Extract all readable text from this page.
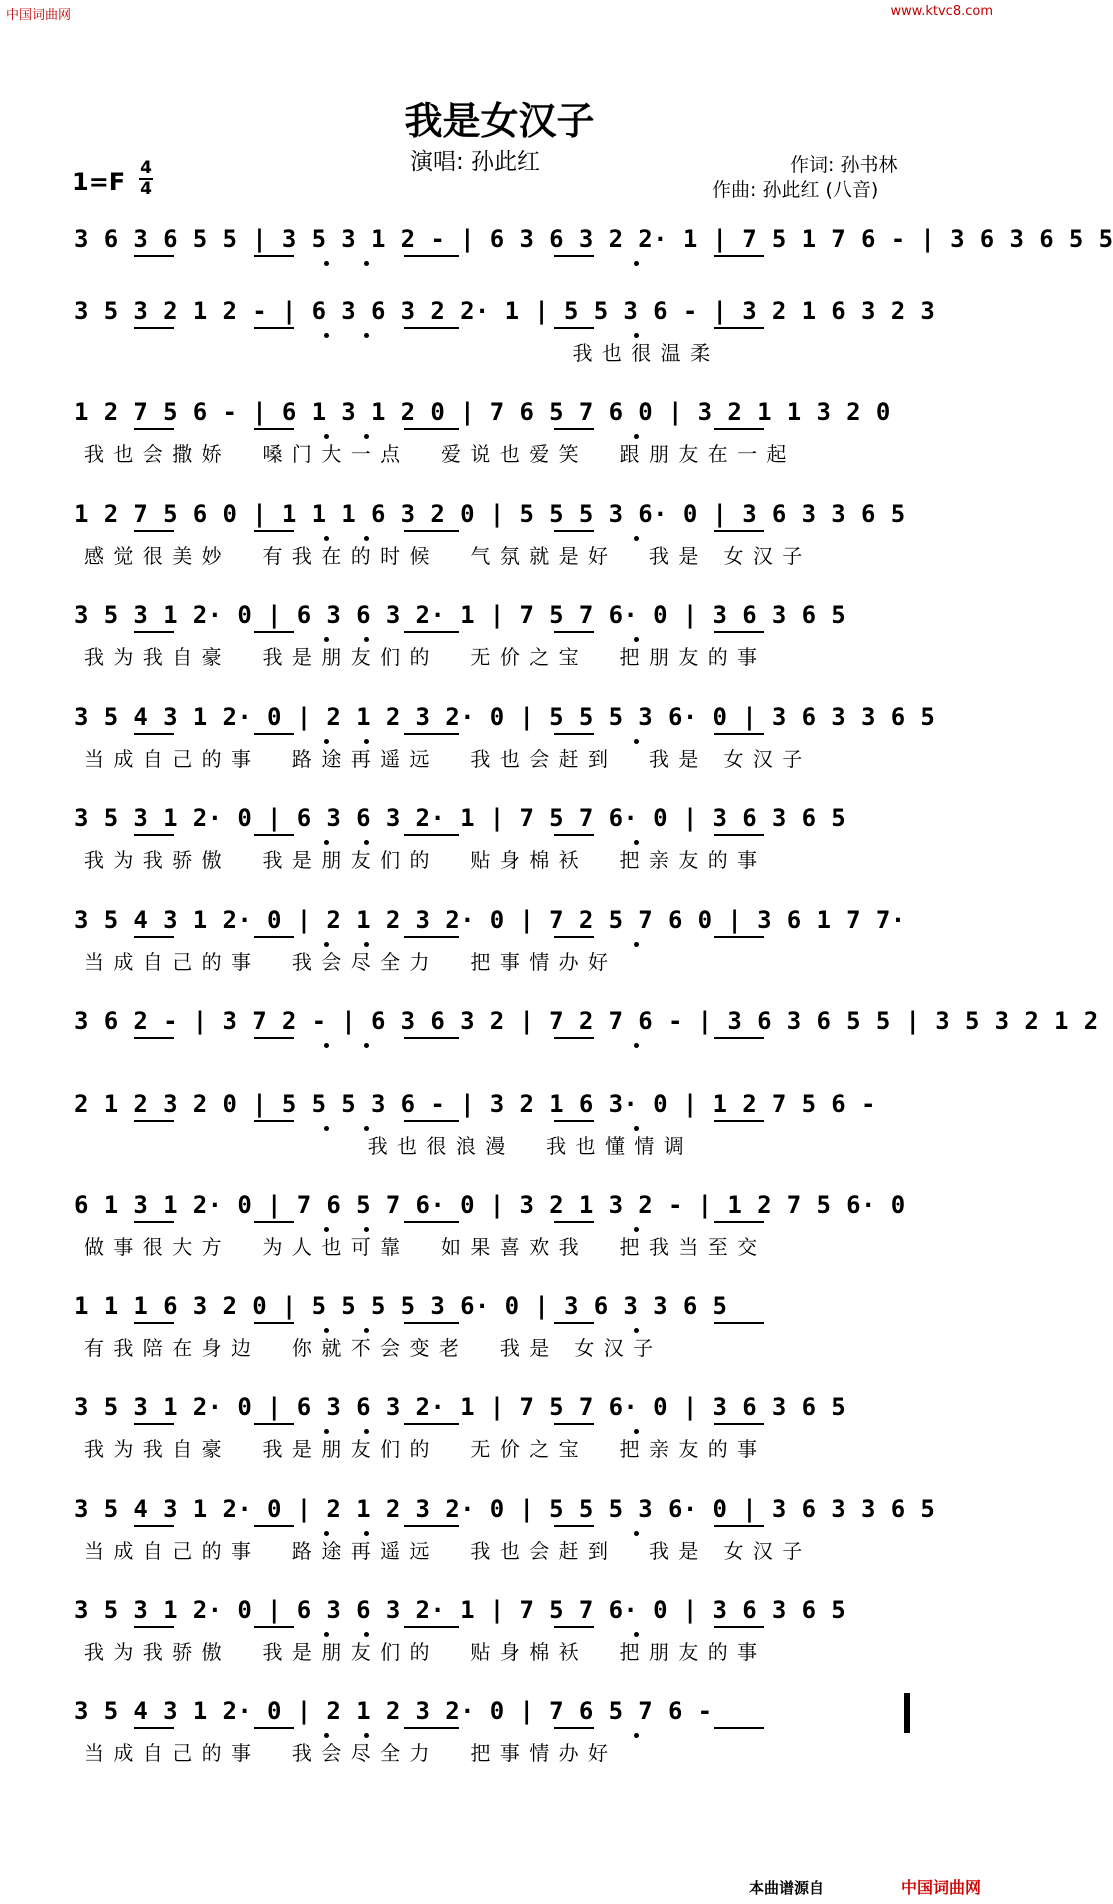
中国词曲网	www.ktvc8.com
我是女汉子
演唱: 孙此红	作词: 孙书林
作曲: 孙此红 (八音)
1=F 4
4
3 6 3 6 5 5 | 3 5 3 1 2 - | 6 3 6 3 2 2· 1 | 7 5 1 7 6 - | 3 6 3 6 5 5
3 5 3 2 1 2 - | 6 3 6 3 2 2· 1 | 5 5 3 6 - | 3 2 1 6 3 2 3
我也很温柔
1 2 7 5 6 - | 6 1 3 1 2 0 | 7 6 5 7 6 0 | 3 2 1 1 3 2 0
我也会撒娇  嗓门大一点  爱说也爱笑  跟朋友在一起
1 2 7 5 6 0 | 1 1 1 6 3 2 0 | 5 5 5 3 6· 0 | 3 6 3 3 6 5
感觉很美妙  有我在的时候  气氛就是好  我是 女汉子
3 5 3 1 2· 0 | 6 3 6 3 2· 1 | 7 5 7 6· 0 | 3 6 3 6 5
我为我自豪  我是朋友们的  无价之宝  把朋友的事
3 5 4 3 1 2· 0 | 2 1 2 3 2· 0 | 5 5 5 3 6· 0 | 3 6 3 3 6 5
当成自己的事  路途再遥远  我也会赶到  我是 女汉子
3 5 3 1 2· 0 | 6 3 6 3 2· 1 | 7 5 7 6· 0 | 3 6 3 6 5
我为我骄傲  我是朋友们的  贴身棉袄  把亲友的事
3 5 4 3 1 2· 0 | 2 1 2 3 2· 0 | 7 2 5 7 6 0 | 3 6 1 7 7·
当成自己的事  我会尽全力  把事情办好
3 6 2 - | 3 7 2 - | 6 3 6 3 2 | 7 2 7 6 - | 3 6 3 6 5 5 | 3 5 3 2 1 2
2 1 2 3 2 0 | 5 5 5 3 6 - | 3 2 1 6 3· 0 | 1 2 7 5 6 -
我也很浪漫  我也懂情调
6 1 3 1 2· 0 | 7 6 5 7 6· 0 | 3 2 1 3 2 - | 1 2 7 5 6· 0
做事很大方  为人也可靠  如果喜欢我  把我当至交
1 1 1 6 3 2 0 | 5 5 5 5 3 6· 0 | 3 6 3 3 6 5
有我陪在身边  你就不会变老  我是 女汉子
3 5 3 1 2· 0 | 6 3 6 3 2· 1 | 7 5 7 6· 0 | 3 6 3 6 5
我为我自豪  我是朋友们的  无价之宝  把亲友的事
3 5 4 3 1 2· 0 | 2 1 2 3 2· 0 | 5 5 5 3 6· 0 | 3 6 3 3 6 5
当成自己的事  路途再遥远  我也会赶到  我是 女汉子
3 5 3 1 2· 0 | 6 3 6 3 2· 1 | 7 5 7 6· 0 | 3 6 3 6 5
我为我骄傲  我是朋友们的  贴身棉袄  把朋友的事
3 5 4 3 1 2· 0 | 2 1 2 3 2· 0 | 7 6 5 7 6 -
当成自己的事  我会尽全力  把事情办好
本曲谱源自	中国词曲网
